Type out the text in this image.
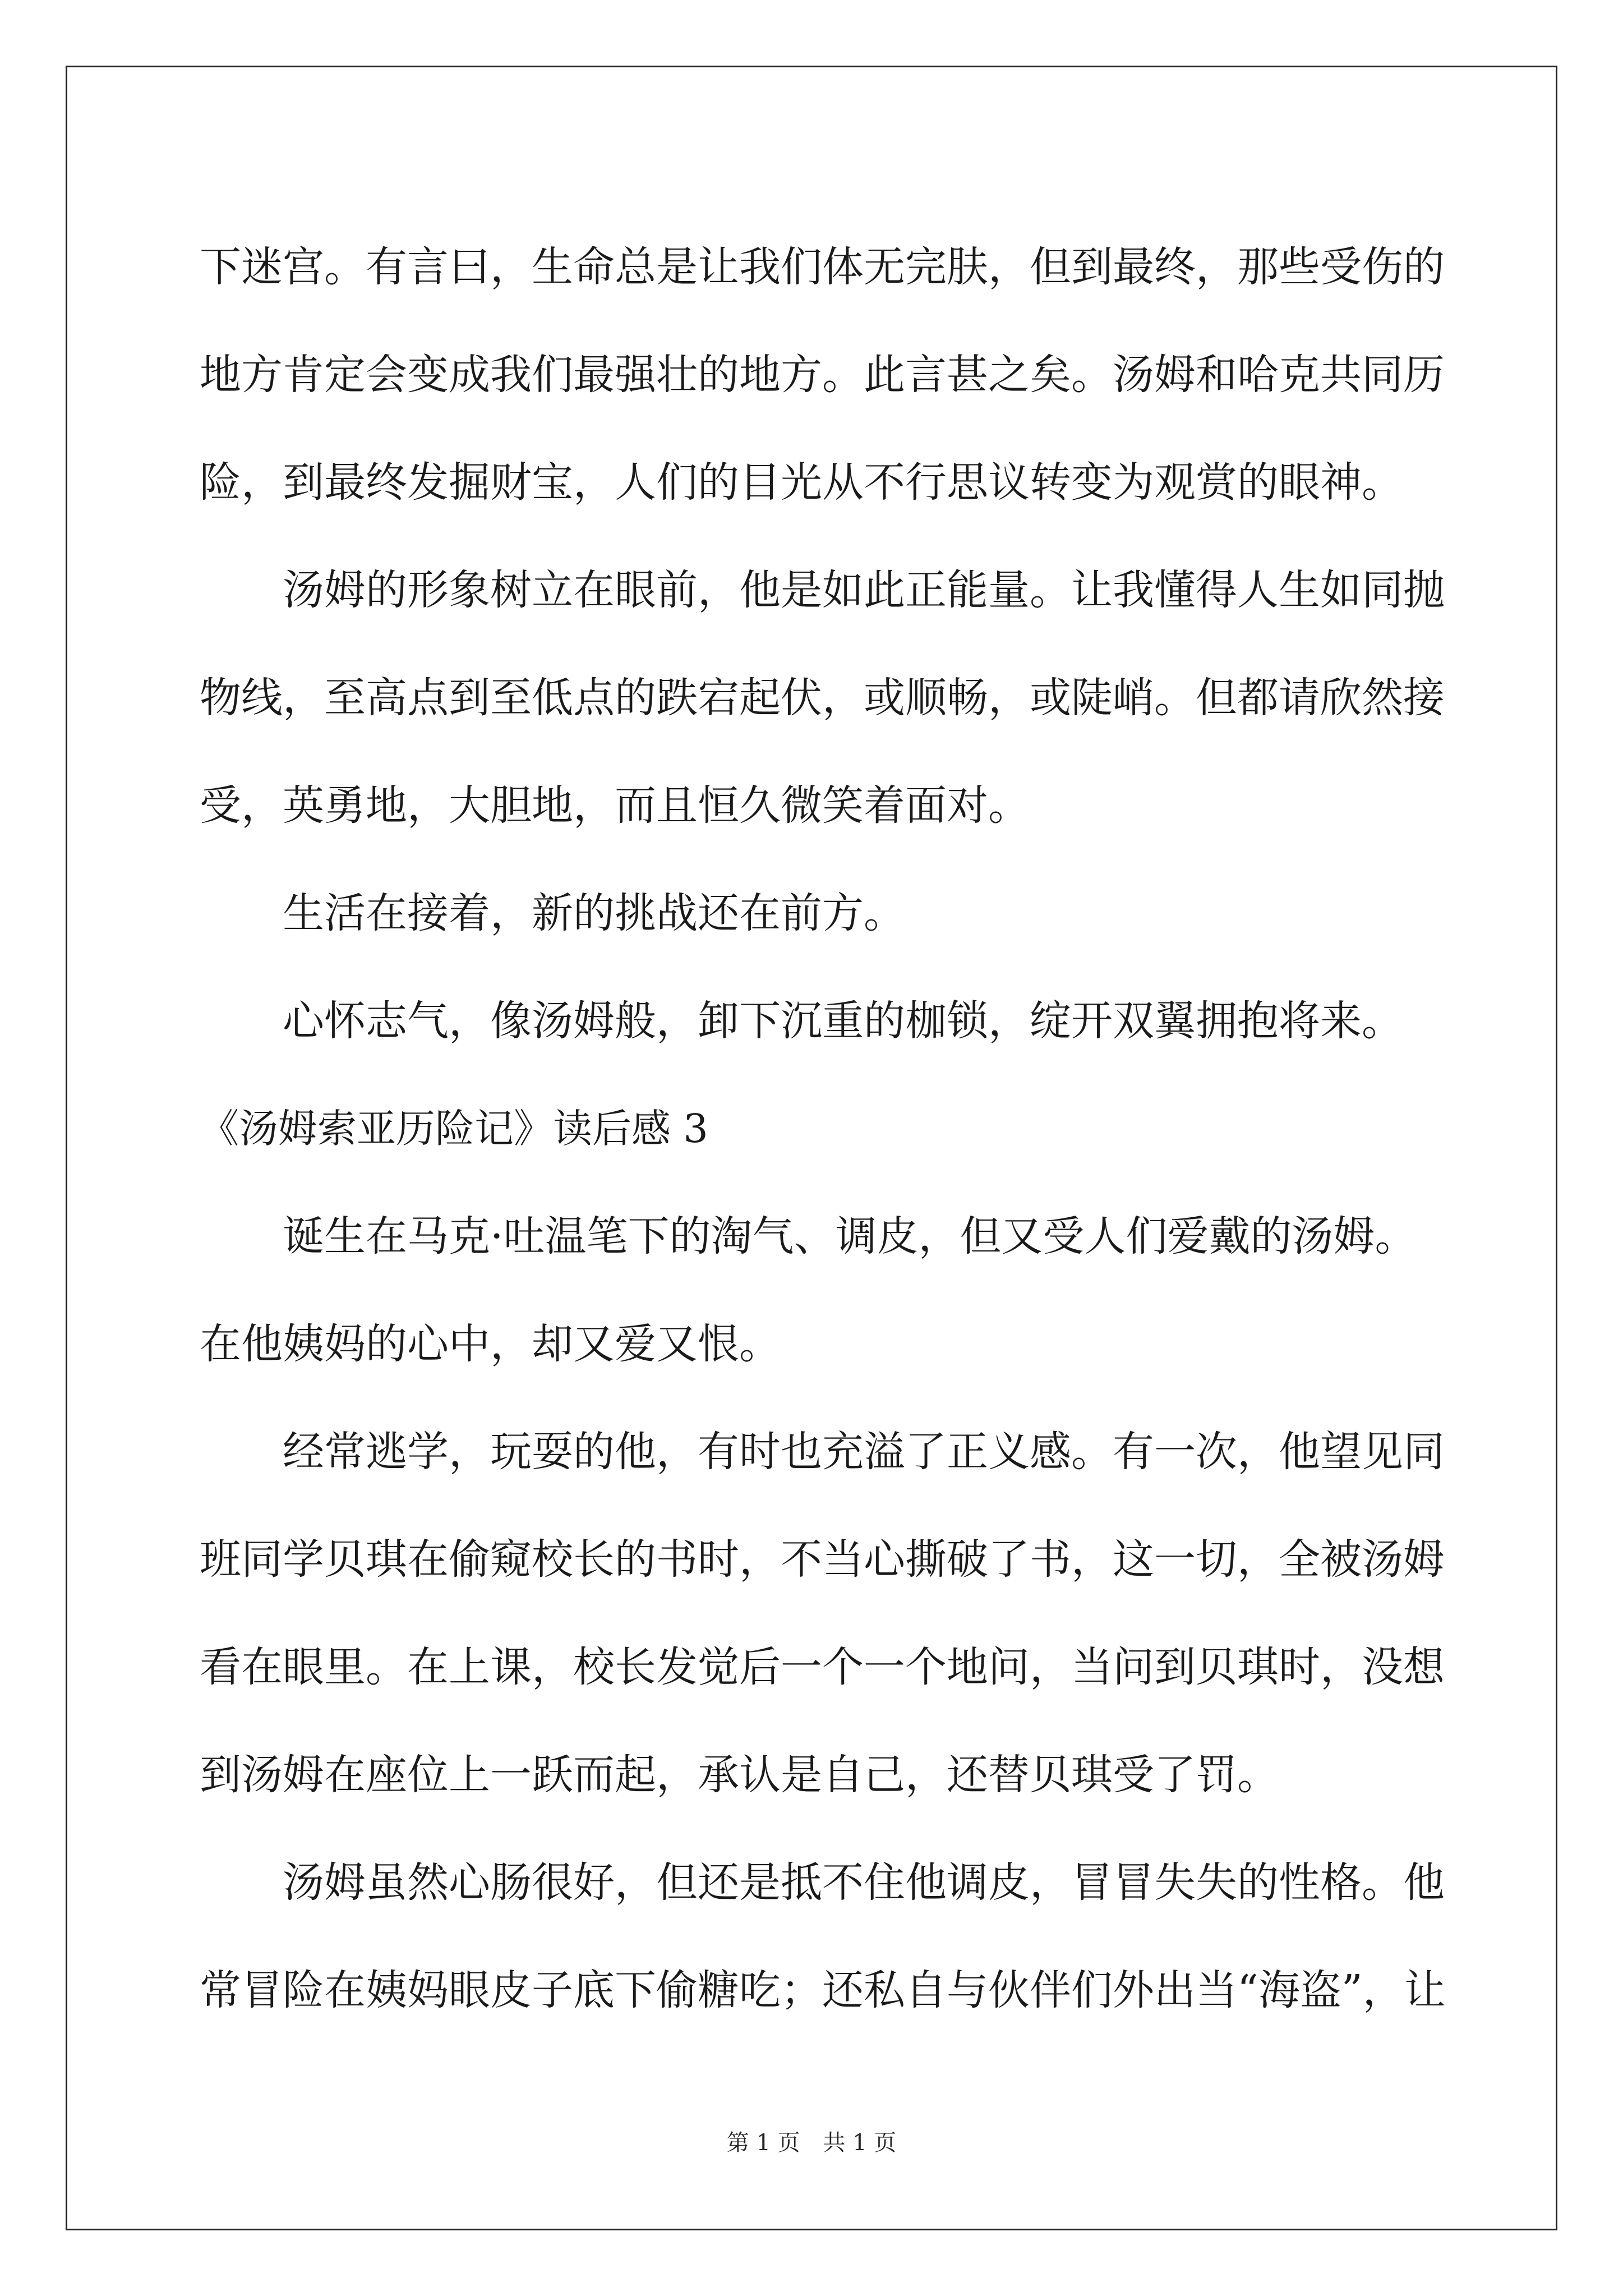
下迷宫。有言曰，生命总是让我们体无完肤，但到最终，那些受伤的
地方肯定会变成我们最强壮的地方。此言甚之矣。汤姆和哈克共同历
险，到最终发掘财宝，人们的目光从不行思议转变为观赏的眼神。
汤姆的形象树立在眼前，他是如此正能量。让我懂得人生如同抛
物线，至高点到至低点的跌宕起伏，或顺畅，或陡峭。但都请欣然接
受，英勇地，大胆地，而且恒久微笑着面对。
生活在接着，新的挑战还在前方。
心怀志气，像汤姆般，卸下沉重的枷锁，绽开双翼拥抱将来。
《汤姆索亚历险记》读后感 3
诞生在马克·吐温笔下的淘气、调皮，但又受人们爱戴的汤姆。
在他姨妈的心中，却又爱又恨。
经常逃学，玩耍的他，有时也充溢了正义感。有一次，他望见同
班同学贝琪在偷窥校长的书时，不当心撕破了书，这一切，全被汤姆
看在眼里。在上课，校长发觉后一个一个地问，当问到贝琪时，没想
到汤姆在座位上一跃而起，承认是自己，还替贝琪受了罚。
汤姆虽然心肠很好，但还是抵不住他调皮，冒冒失失的性格。他
常冒险在姨妈眼皮子底下偷糖吃；还私自与伙伴们外出当“海盗”，让
第 1 页 共 1 页
